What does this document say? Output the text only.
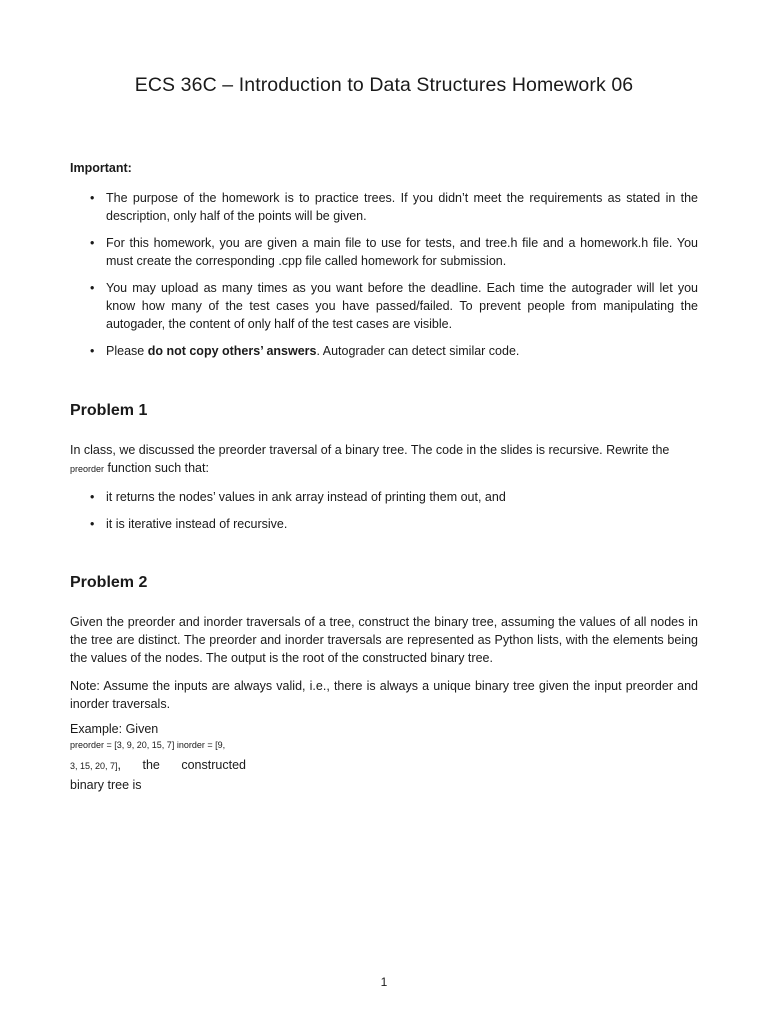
ECS 36C – Introduction to Data Structures Homework 06
Important:
• The purpose of the homework is to practice trees. If you didn’t meet the requirements as stated in the description, only half of the points will be given.
• For this homework, you are given a main file to use for tests, and tree.h file and a homework.h file. You must create the corresponding .cpp file called homework for submission.
• You may upload as many times as you want before the deadline. Each time the autograder will let you know how many of the test cases you have passed/failed. To prevent people from manipulating the autogader, the content of only half of the test cases are visible.
• Please do not copy others’ answers. Autograder can detect similar code.
Problem 1
In class, we discussed the preorder traversal of a binary tree. The code in the slides is recursive. Rewrite the
preorder function such that:
• it returns the nodes’ values in ank array instead of printing them out, and
• it is iterative instead of recursive.
Problem 2
Given the preorder and inorder traversals of a tree, construct the binary tree, assuming the values of all nodes in the tree are distinct. The preorder and inorder traversals are represented as Python lists, with the elements being the values of the nodes. The output is the root of the constructed binary tree.
Note: Assume the inputs are always valid, i.e., there is always a unique binary tree given the input preorder and inorder traversals.
Example: Given
preorder = [3, 9, 20, 15, 7] inorder = [9,
3, 15, 20, 7], the constructed
binary tree is
1
